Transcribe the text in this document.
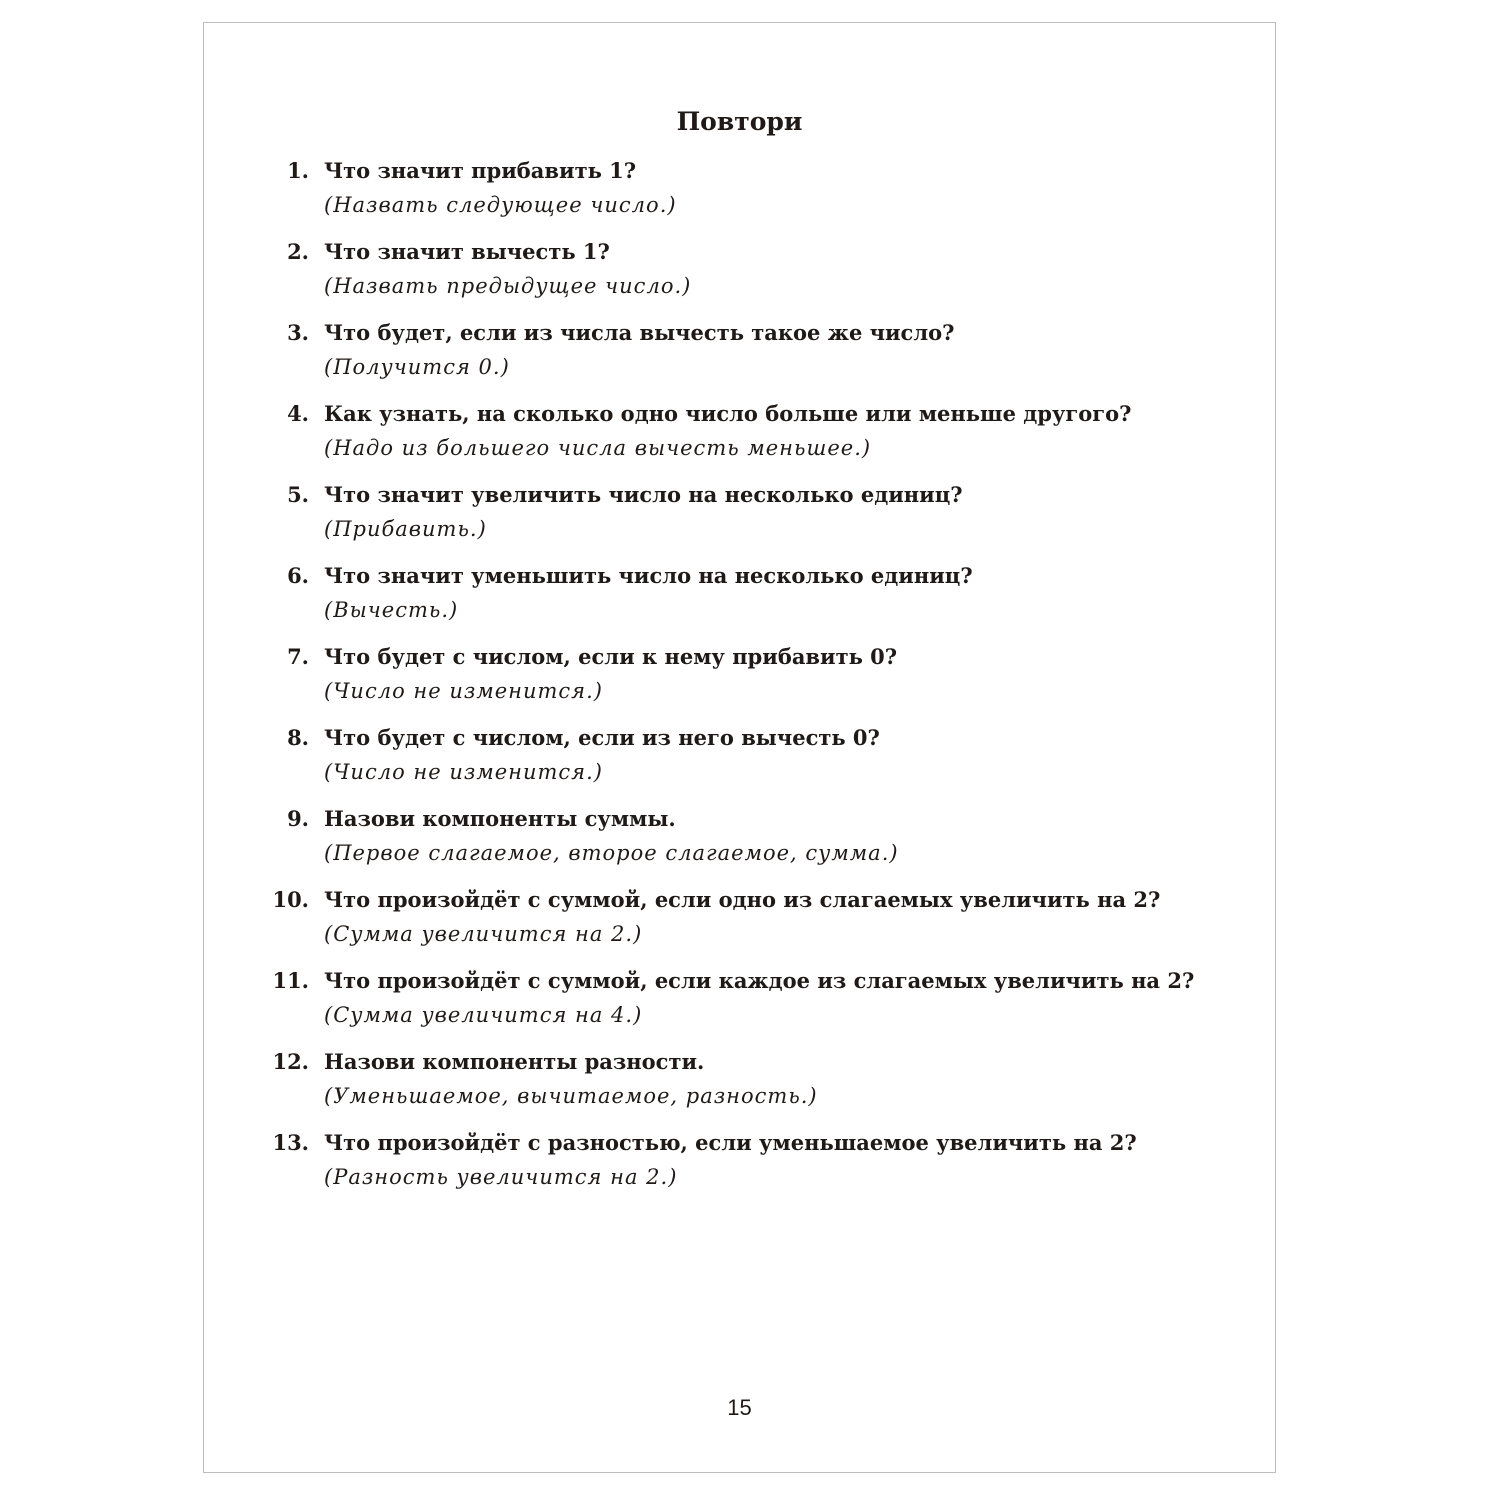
Повтори
1. Что значит прибавить 1?
(Назвать следующее число.)
2. Что значит вычесть 1?
(Назвать предыдущее число.)
3. Что будет, если из числа вычесть такое же число?
(Получится 0.)
4. Как узнать, на сколько одно число больше или меньше другого?
(Надо из большего числа вычесть меньшее.)
5. Что значит увеличить число на несколько единиц?
(Прибавить.)
6. Что значит уменьшить число на несколько единиц?
(Вычесть.)
7. Что будет с числом, если к нему прибавить 0?
(Число не изменится.)
8. Что будет с числом, если из него вычесть 0?
(Число не изменится.)
9. Назови компоненты суммы.
(Первое слагаемое, второе слагаемое, сумма.)
10. Что произойдёт с суммой, если одно из слагаемых увеличить на 2?
(Сумма увеличится на 2.)
11. Что произойдёт с суммой, если каждое из слагаемых увеличить на 2?
(Сумма увеличится на 4.)
12. Назови компоненты разности.
(Уменьшаемое, вычитаемое, разность.)
13. Что произойдёт с разностью, если уменьшаемое увеличить на 2?
(Разность увеличится на 2.)
15
